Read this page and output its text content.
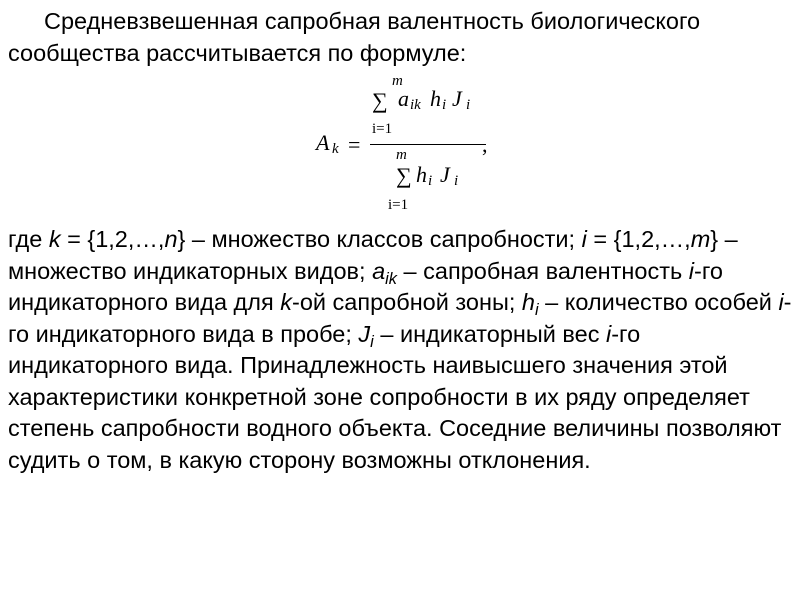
Средневзвешенная сапробная валентность биологического сообщества рассчитывается по формуле:

A k =
m
∑ a ik h i J i
i=1
,
m
∑ h i J i
i=1

где k = {1,2,…,n} – множество классов сапробности; i = {1,2,…,m} – множество индикаторных видов; $a_{ik}$ – сапробная валентность i-го индикаторного вида для k-ой сапробной зоны; $h_i$ – количество особей i-го индикаторного вида в пробе; $J_i$ – индикаторный вес i-го индикаторного вида. Принадлежность наивысшего значения этой характеристики конкретной зоне сопробности в их ряду определяет степень сапробности водного объекта. Соседние величины позволяют судить о том, в какую сторону возможны отклонения.
